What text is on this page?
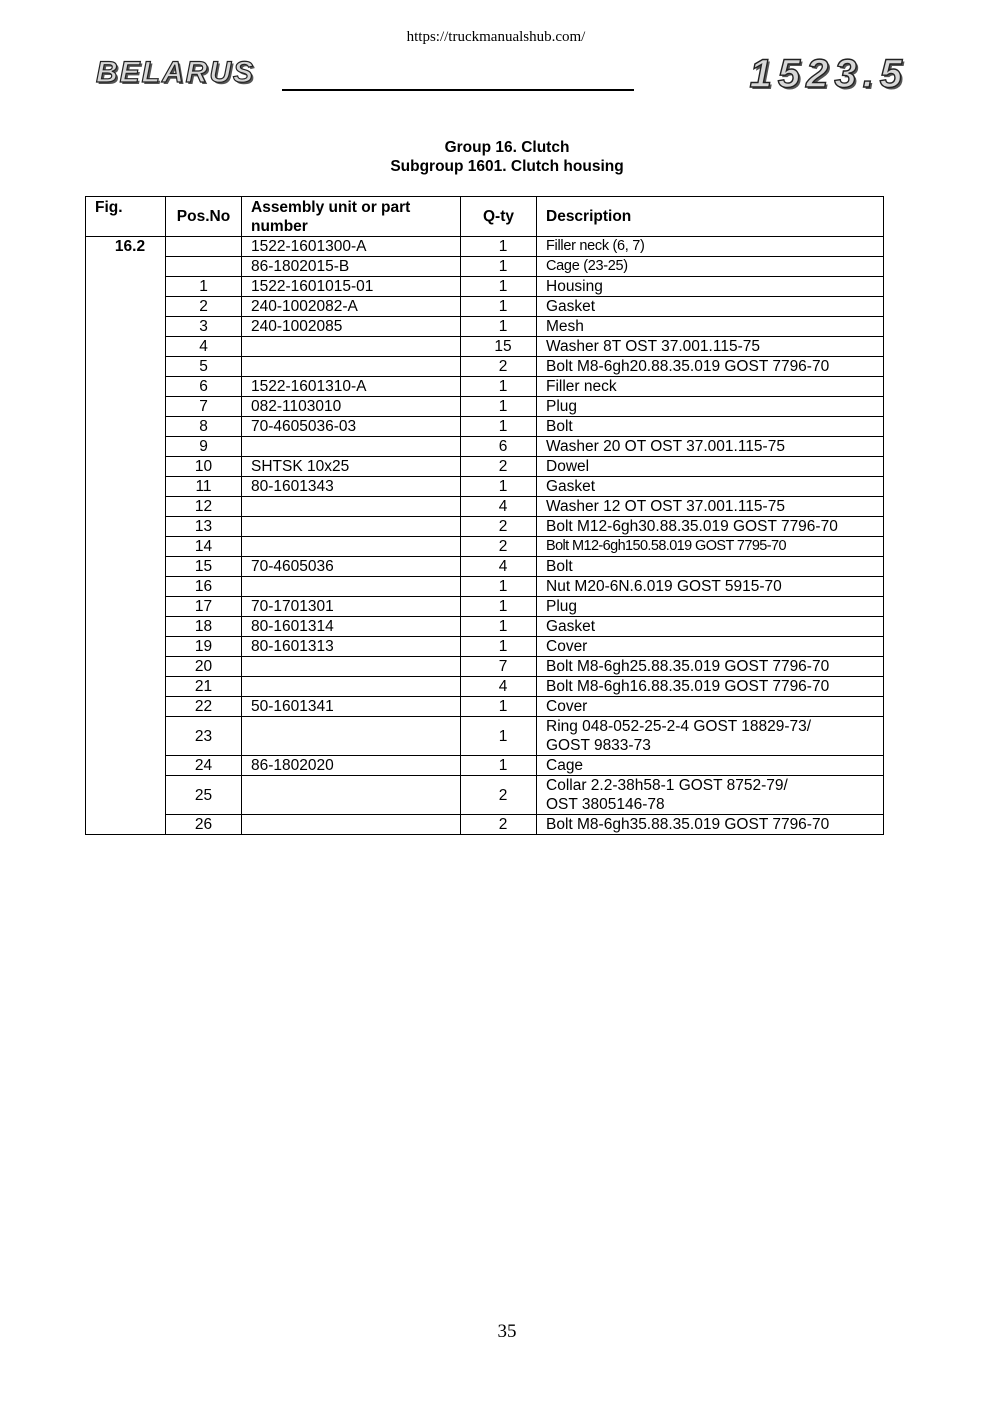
https://truckmanualshub.com/
BELARUS	1523.5
Group 16. Clutch
Subgroup 1601. Clutch housing
Fig.	Pos.No	Assembly unit or part number	Q-ty	Description
16.2		1522-1601300-A	1	Filler neck (6, 7)
		86-1802015-B	1	Cage (23-25)
	1	1522-1601015-01	1	Housing
	2	240-1002082-A	1	Gasket
	3	240-1002085	1	Mesh
	4		15	Washer 8T OST 37.001.115-75
	5		2	Bolt M8-6gh20.88.35.019 GOST 7796-70
	6	1522-1601310-A	1	Filler neck
	7	082-1103010	1	Plug
	8	70-4605036-03	1	Bolt
	9		6	Washer 20 OT OST 37.001.115-75
	10	SHTSK 10x25	2	Dowel
	11	80-1601343	1	Gasket
	12		4	Washer 12 OT OST 37.001.115-75
	13		2	Bolt M12-6gh30.88.35.019 GOST 7796-70
	14		2	Bolt M12-6gh150.58.019 GOST 7795-70
	15	70-4605036	4	Bolt
	16		1	Nut M20-6N.6.019 GOST 5915-70
	17	70-1701301	1	Plug
	18	80-1601314	1	Gasket
	19	80-1601313	1	Cover
	20		7	Bolt M8-6gh25.88.35.019 GOST 7796-70
	21		4	Bolt M8-6gh16.88.35.019 GOST 7796-70
	22	50-1601341	1	Cover
	23		1	Ring 048-052-25-2-4 GOST 18829-73/
GOST 9833-73

	24	86-1802020	1	Cage
	25		2	Collar 2.2-38h58-1 GOST 8752-79/
OST 3805146-78

	26		2	Bolt M8-6gh35.88.35.019 GOST 7796-70
35
